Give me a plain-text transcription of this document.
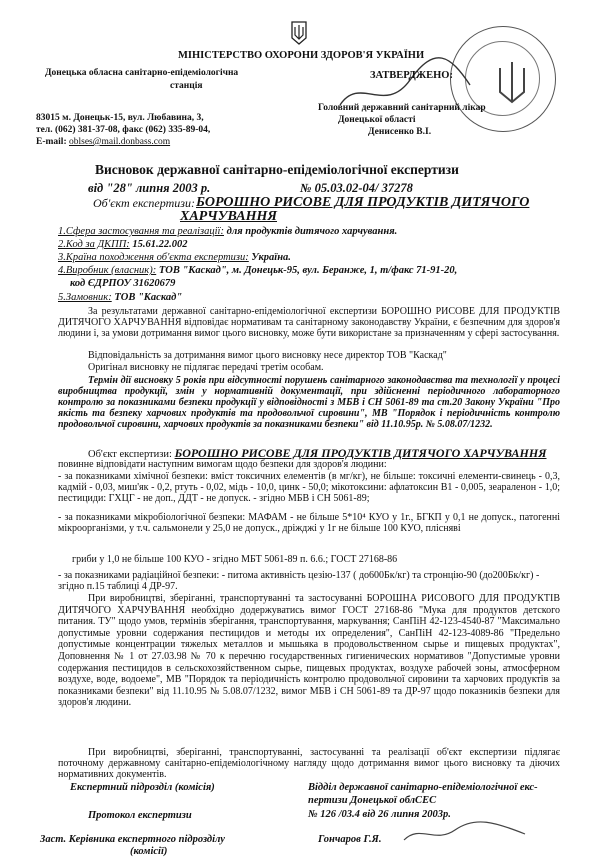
МІНІСТЕРСТВО ОХОРОНИ ЗДОРОВ'Я УКРАЇНИ
Донецька обласна санітарно-епідеміологічна
станція
ЗАТВЕРДЖЕНО:
83015 м. Донецьк-15, вул. Любавина, 3,
тел. (062) 381-37-08, факс (062) 335-89-04,
E-mail: oblses@mail.donbass.com
Головний державний санітарний лікар
Донецької області
Денисенко В.І.
Висновок державної санітарно-епідеміологічної експертизи
від "28" липня 2003 р.	№ 05.03.02-04/ 37278
Об'єкт експертизи: БОРОШНО РИСОВЕ ДЛЯ ПРОДУКТІВ ДИТЯЧОГО
ХАРЧУВАННЯ
1.Сфера застосування та реалізації: для продуктів дитячого харчування.
2.Код за ДКПП: 15.61.22.002
3.Країна походження об'єкта експертизи: Україна.
4.Виробник (власник): ТОВ "Каскад", м. Донецьк-95, вул. Беранже, 1, т/факс 71-91-20,
код ЄДРПОУ 31620679
5.Замовник: ТОВ "Каскад"
За результатами державної санітарно-епідеміологічної експертизи БОРОШНО РИСОВЕ ДЛЯ ПРОДУКТІВ ДИТЯЧОГО ХАРЧУВАННЯ відповідає нормативам та санітарному законодавству України, є безпечним для здоров'я людини і, за умови дотримання вимог цього висновку, може бути використане за призначенням у сфері застосування.
Відповідальність за дотримання вимог цього висновку несе директор ТОВ "Каскад"
Оригінал висновку не підлягає передачі третім особам.
Термін дії висновку 5 років при відсутності порушень санітарного законодавства та технології у процесі виробництва продукції, змін у нормативній документації, при здійсненні періодичного лабораторного контролю за показниками безпеки продукції у відповідності з МБВ і СН 5061-89 та ст.20 Закону України "Про якість та безпеку харчових продуктів та продовольчої сировини", МВ "Порядок і періодичність контролю продовольчої сировини, харчових продуктів за показниками безпеки" від 11.10.95р. № 5.08.07/1232.
Об'єкт експертизи: БОРОШНО РИСОВЕ ДЛЯ ПРОДУКТІВ ДИТЯЧОГО ХАРЧУВАННЯ
повинне відповідати наступним вимогам щодо безпеки для здоров'я людини:
- за показниками хімічної безпеки: вміст токсичних елементів (в мг/кг), не більше: токсичні елементи-свинець - 0,3, кадмій - 0,03, миш'як - 0,2, ртуть - 0,02, мідь - 10,0, цинк - 50,0; мікотоксини: афлатоксин В1 - 0,005, зеараленон - 1,0; пестициди: ГХЦГ - не доп., ДДТ - не допуск. - згідно МБВ і СН 5061-89;
- за показниками мікробіологічної безпеки: МАФАМ - не більше 5*10⁴ КУО у 1г., БГКП у 0,1 не допуск., патогенні мікроорганізми, у т.ч. сальмонели у 25,0 не допуск., дріжджі у 1г не більше 100 КУО, плісняві
гриби у 1,0 не більше 100 КУО - згідно МБТ 5061-89 п. 6.6.; ГОСТ 27168-86
- за показниками радіаційної безпеки: - питома активність цезію-137 ( до600Бк/кг) та стронцію-90 (до200Бк/кг) - згідно п.15 таблиці 4 ДР-97.
При виробництві, зберіганні, транспортуванні та застосуванні БОРОШНА РИСОВОГО ДЛЯ ПРОДУКТІВ ДИТЯЧОГО ХАРЧУВАННЯ необхідно додержуватись вимог ГОСТ 27168-86 "Мука для продуктов детского питания. ТУ" щодо умов, термінів зберігання, транспортування, маркування; СанПіН 42-123-4540-87 "Максимально допустимые уровни содержания пестицидов и методы их определения", СанПіН 42-123-4089-86 "Предельно допустимые концентрации тяжелых металлов и мышьяка в продовольственном сырье и пищевых продуктах", Доповнення № 1 от 27.03.98 № 70 к перечню государственных гигиенических нормативов "Допустимые уровни содержания пестицидов в сельскохозяйственном сырье, пищевых продуктах, воздухе рабочей зоны, атмосферном воздухе, воде, водоеме", МВ "Порядок та періодичність контролю продовольчої сировини та харчових продуктів за показниками безпеки" від 11.10.95 № 5.08.07/1232, вимог МБВ і СН 5061-89 та ДР-97 щодо показників безпеки для здоров'я людини.
При виробництві, зберіганні, транспортуванні, застосуванні та реалізації об'єкт експертизи підлягає поточному державному санітарно-епідеміологічному нагляду щодо дотримання вимог цього висновку та діючих нормативних документів.
Експертний підрозділ (комісія)
Протокол експертизи
Заст. Керівника експертного підрозділу
(комісії)
Відділ державної санітарно-епідеміологічної екс-
пертизи Донецької облСЕС
№ 126 /03.4 від 26 липня 2003р.
Гончаров Г.Я.
